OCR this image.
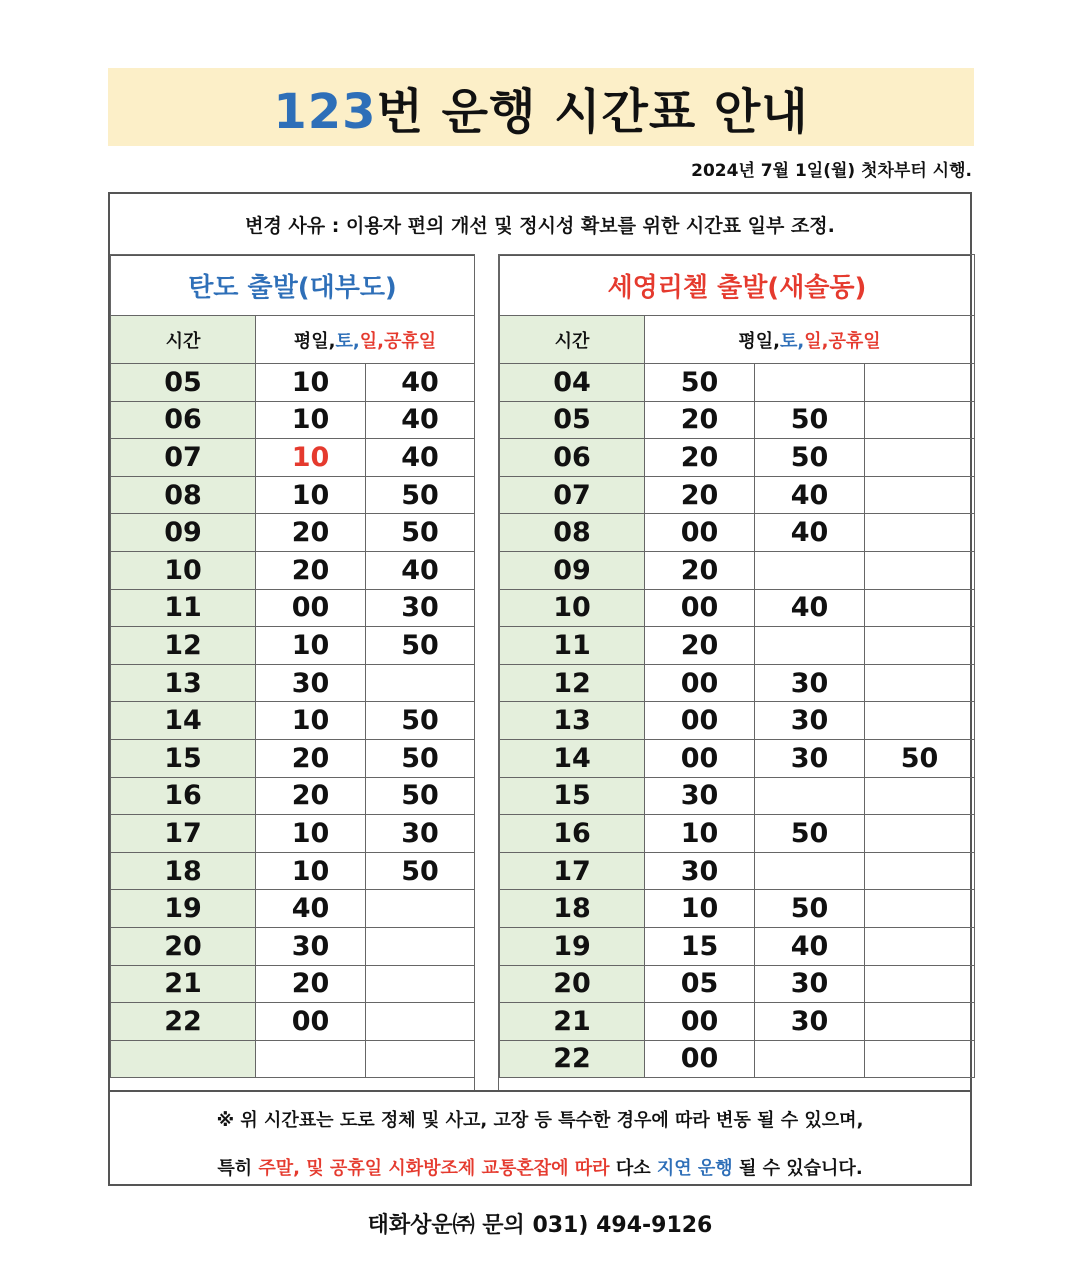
123번 운행 시간표 안내
2024년 7월 1일(월) 첫차부터 시행.
변경 사유 : 이용자 편의 개선 및 정시성 확보를 위한 시간표 일부 조정.
탄도 출발(대부도)		
시간	평일,토,일,공휴일	
05	10	40
06	10	40
07	10	40
08	10	50
09	20	50
10	20	40
11	00	30
12	10	50
13	30	
14	10	50
15	20	50
16	20	50
17	10	30
18	10	50
19	40	
20	30	
21	20	
22	00	

세영리첼 출발(새솔동)			
시간	평일,토,일,공휴일		
04	50		
05	20	50	
06	20	50	
07	20	40	
08	00	40	
09	20		
10	00	40	
11	20		
12	00	30	
13	00	30	
14	00	30	50
15	30		
16	10	50	
17	30		
18	10	50	
19	15	40	
20	05	30	
21	00	30	
22	00		
※ 위 시간표는 도로 정체 및 사고, 고장 등 특수한 경우에 따라 변동 될 수 있으며,
특히 주말, 및 공휴일 시화방조제 교통혼잡에 따라 다소 지연 운행 될 수 있습니다.
태화상운㈜ 문의 031) 494-9126
